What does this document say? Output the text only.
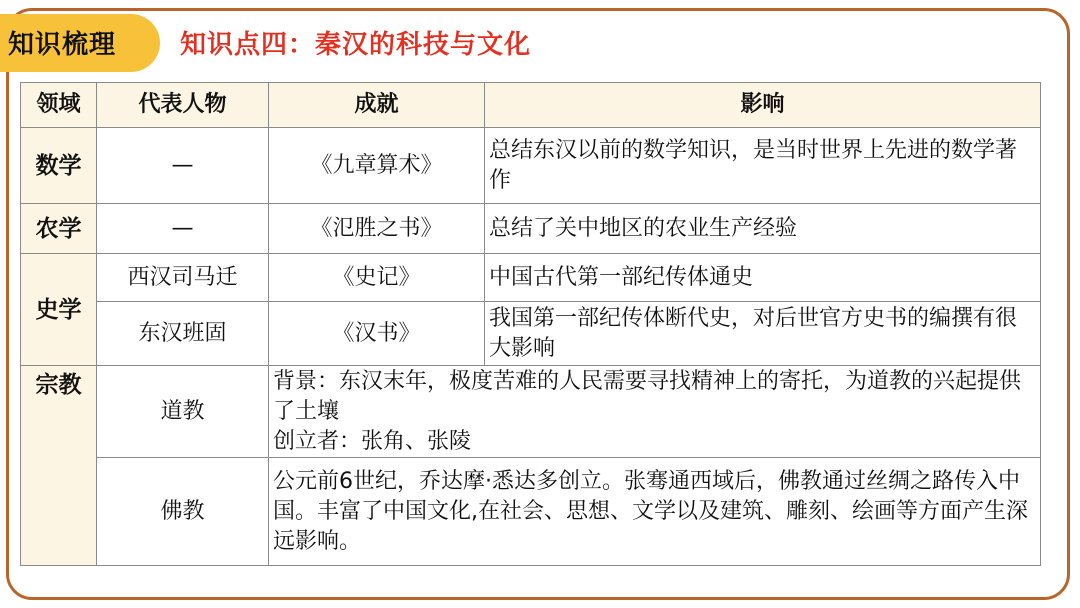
知识梳理 知识点四：秦汉的科技与文化
领域	代表人物	成就	影响
数学	—	《九章算术》	总结东汉以前的数学知识，是当时世界上先进的数学著作
农学	—	《氾胜之书》	总结了关中地区的农业生产经验
史学	西汉司马迁	《史记》	中国古代第一部纪传体通史
	东汉班固	《汉书》	我国第一部纪传体断代史，对后世官方史书的编撰有很大影响
宗教	道教	背景：东汉末年，极度苦难的人民需要寻找精神上的寄托，为道教的兴起提供了土壤
创立者：张角、张陵	

	佛教	公元前6世纪，乔达摩·悉达多创立。张骞通西域后，佛教通过丝绸之路传入中国。丰富了中国文化,在社会、思想、文学以及建筑、雕刻、绘画等方面产生深远影响。	
